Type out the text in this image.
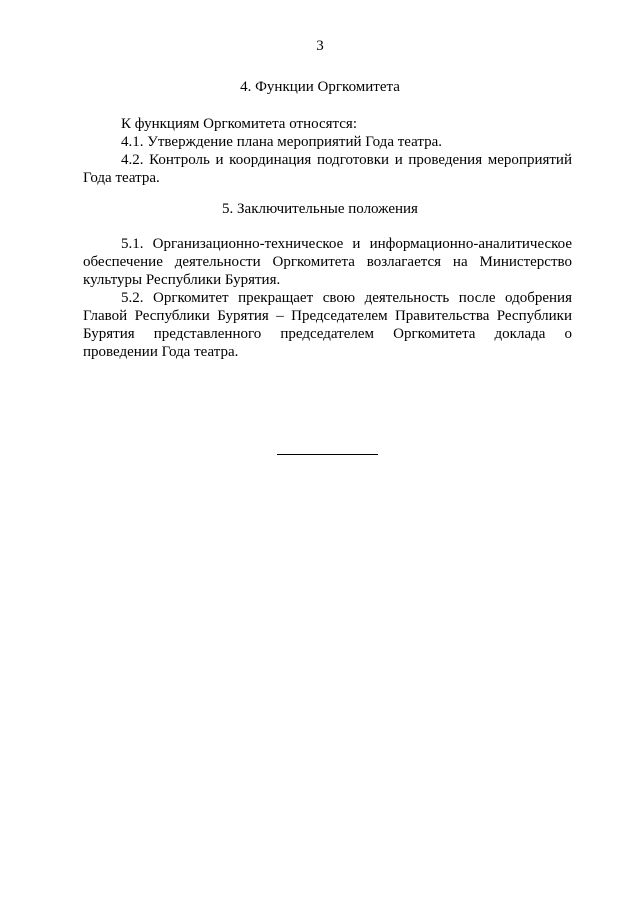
3
4. Функции Оргкомитета

К функциям Оргкомитета относятся:

4.1. Утверждение плана мероприятий Года театра.

4.2. Контроль и координация подготовки и проведения мероприятий Года театра.

5. Заключительные положения

5.1. Организационно-техническое и информационно-аналитическое обеспечение деятельности Оргкомитета возлагается на Министерство культуры Республики Бурятия.

5.2. Оргкомитет прекращает свою деятельность после одобрения Главой Республики Бурятия – Председателем Правительства Республики Бурятия представленного председателем Оргкомитета доклада о проведении Года театра.
